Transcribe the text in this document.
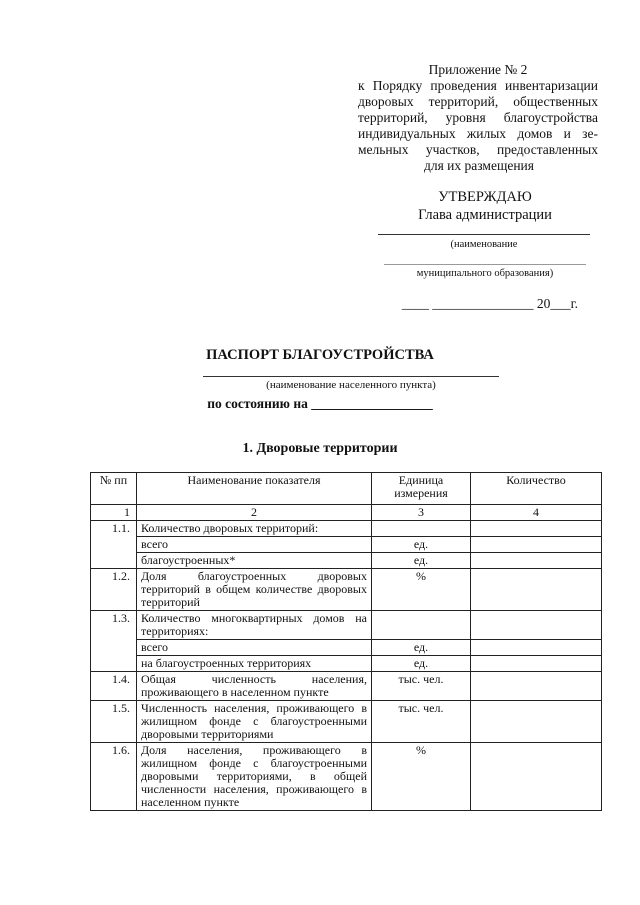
Приложение № 2
к Порядку проведения инвентаризации
дворовых территорий, общественных
территорий, уровня благоустройства
индивидуальных жилых домов и зе-
мельных участков, предоставленных
для их размещения
УТВЕРЖДАЮ
Глава администрации
(наименование
муниципального образования)
____ _______________ 20___г.
ПАСПОРТ БЛАГОУСТРОЙСТВА
(наименование населенного пункта)
по состоянию на __________________
1. Дворовые территории
№ пп	Наименование показателя	Единица измерения	Количество
1	2	3	4
1.1.	Количество дворовых территорий:		
	всего	ед.	
	благоустроенных*	ед.	
1.2.	Доля благоустроенных дворовых территорий в общем количестве дворовых территорий	%	
1.3.	Количество многоквартирных домов на территориях:		
	всего	ед.	
	на благоустроенных территориях	ед.	
1.4.	Общая численность населения, проживающего в населенном пункте	тыс. чел.	
1.5.	Численность населения, проживающего в жилищном фонде с благоустроенными дворовыми территориями	тыс. чел.	
1.6.	Доля населения, проживающего в жилищном фонде с благоустроенными дворовыми территориями, в общей численности населения, проживающего в населенном пункте	%	
